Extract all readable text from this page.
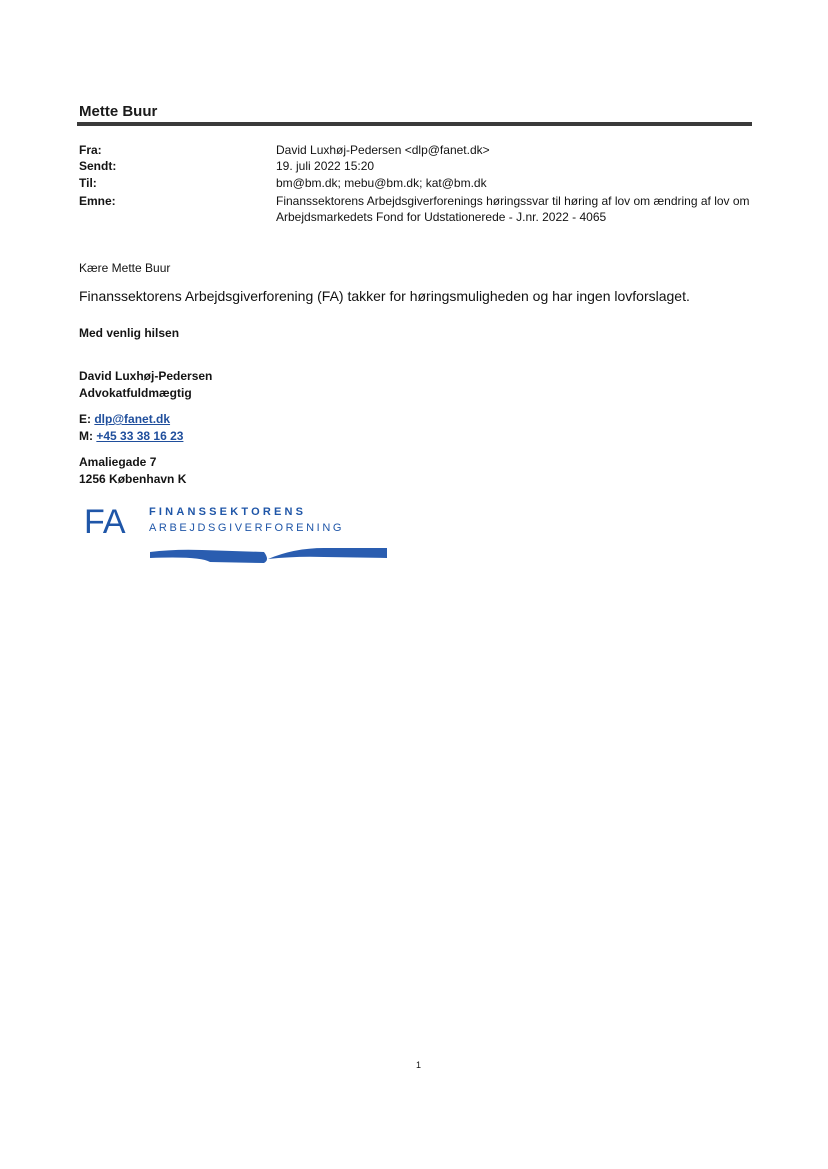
Mette Buur
Fra:	David Luxhøj-Pedersen <dlp@fanet.dk>
Sendt:	19. juli 2022 15:20
Til:	bm@bm.dk; mebu@bm.dk; kat@bm.dk
Emne:	Finanssektorens Arbejdsgiverforenings høringssvar til høring af lov om ændring af lov om Arbejdsmarkedets Fond for Udstationerede - J.nr. 2022 - 4065
Kære Mette Buur
Finanssektorens Arbejdsgiverforening (FA) takker for høringsmuligheden og har ingen lovforslaget.
Med venlig hilsen
David Luxhøj-Pedersen
Advokatfuldmægtig
E: dlp@fanet.dk
M: +45 33 38 16 23
Amaliegade 7
1256 København K
FA FINANSSEKTORENS
ARBEJDSGIVERFORENING
1
